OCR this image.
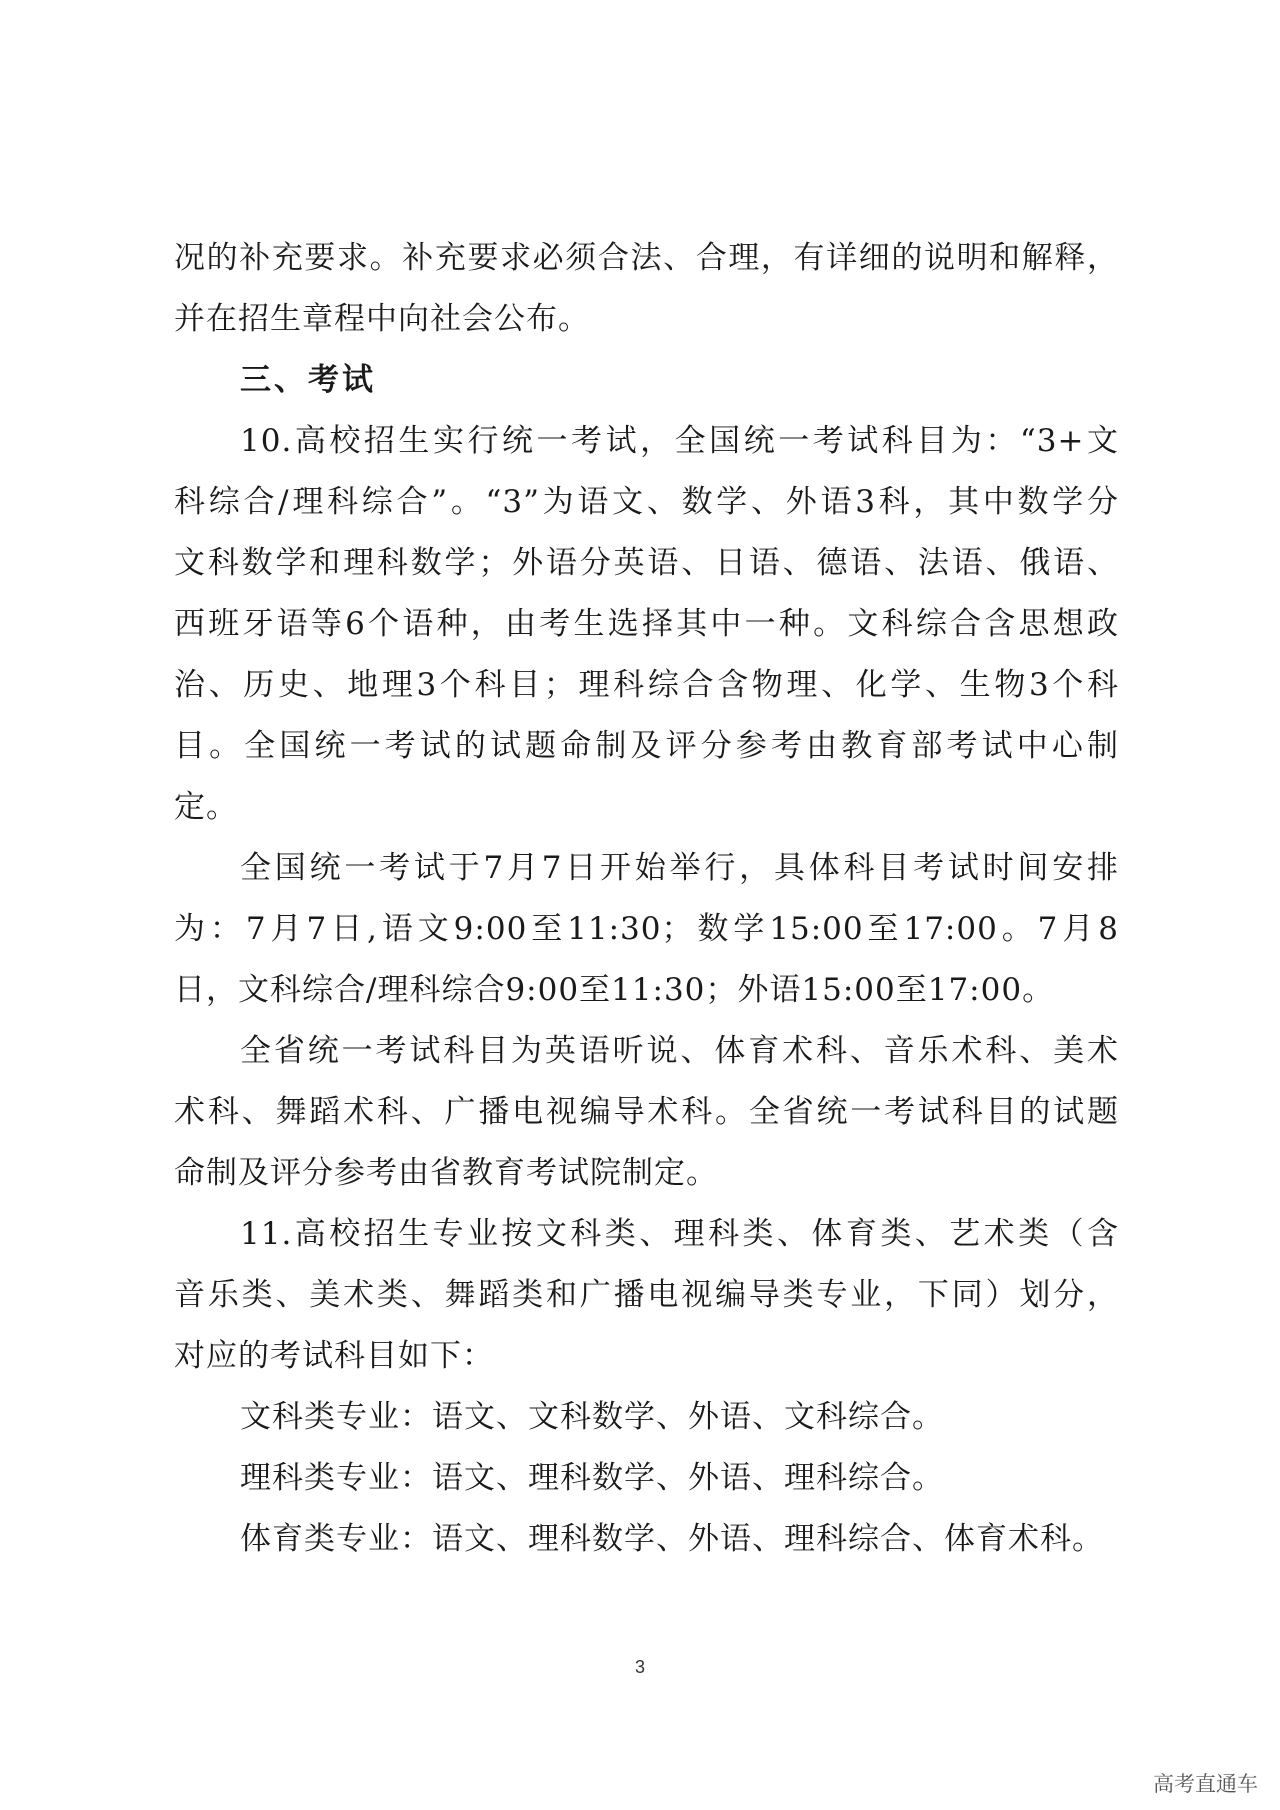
况的补充要求。补充要求必须合法、合理，有详细的说明和解释，
并在招生章程中向社会公布。
三、考试
10.高校招生实行统一考试，全国统一考试科目为：“3+文
科综合/理科综合”。“3”为语文、数学、外语3科，其中数学分
文科数学和理科数学；外语分英语、日语、德语、法语、俄语、
西班牙语等6个语种，由考生选择其中一种。文科综合含思想政
治、历史、地理3个科目；理科综合含物理、化学、生物3个科
目。全国统一考试的试题命制及评分参考由教育部考试中心制
定。
全国统一考试于7月7日开始举行，具体科目考试时间安排
为：7月7日,语文9:00至11:30；数学15:00至17:00。7月8
日，文科综合/理科综合9:00至11:30；外语15:00至17:00。
全省统一考试科目为英语听说、体育术科、音乐术科、美术
术科、舞蹈术科、广播电视编导术科。全省统一考试科目的试题
命制及评分参考由省教育考试院制定。
11.高校招生专业按文科类、理科类、体育类、艺术类（含
音乐类、美术类、舞蹈类和广播电视编导类专业，下同）划分，
对应的考试科目如下：
文科类专业：语文、文科数学、外语、文科综合。
理科类专业：语文、理科数学、外语、理科综合。
体育类专业：语文、理科数学、外语、理科综合、体育术科。
3
高考直通车
